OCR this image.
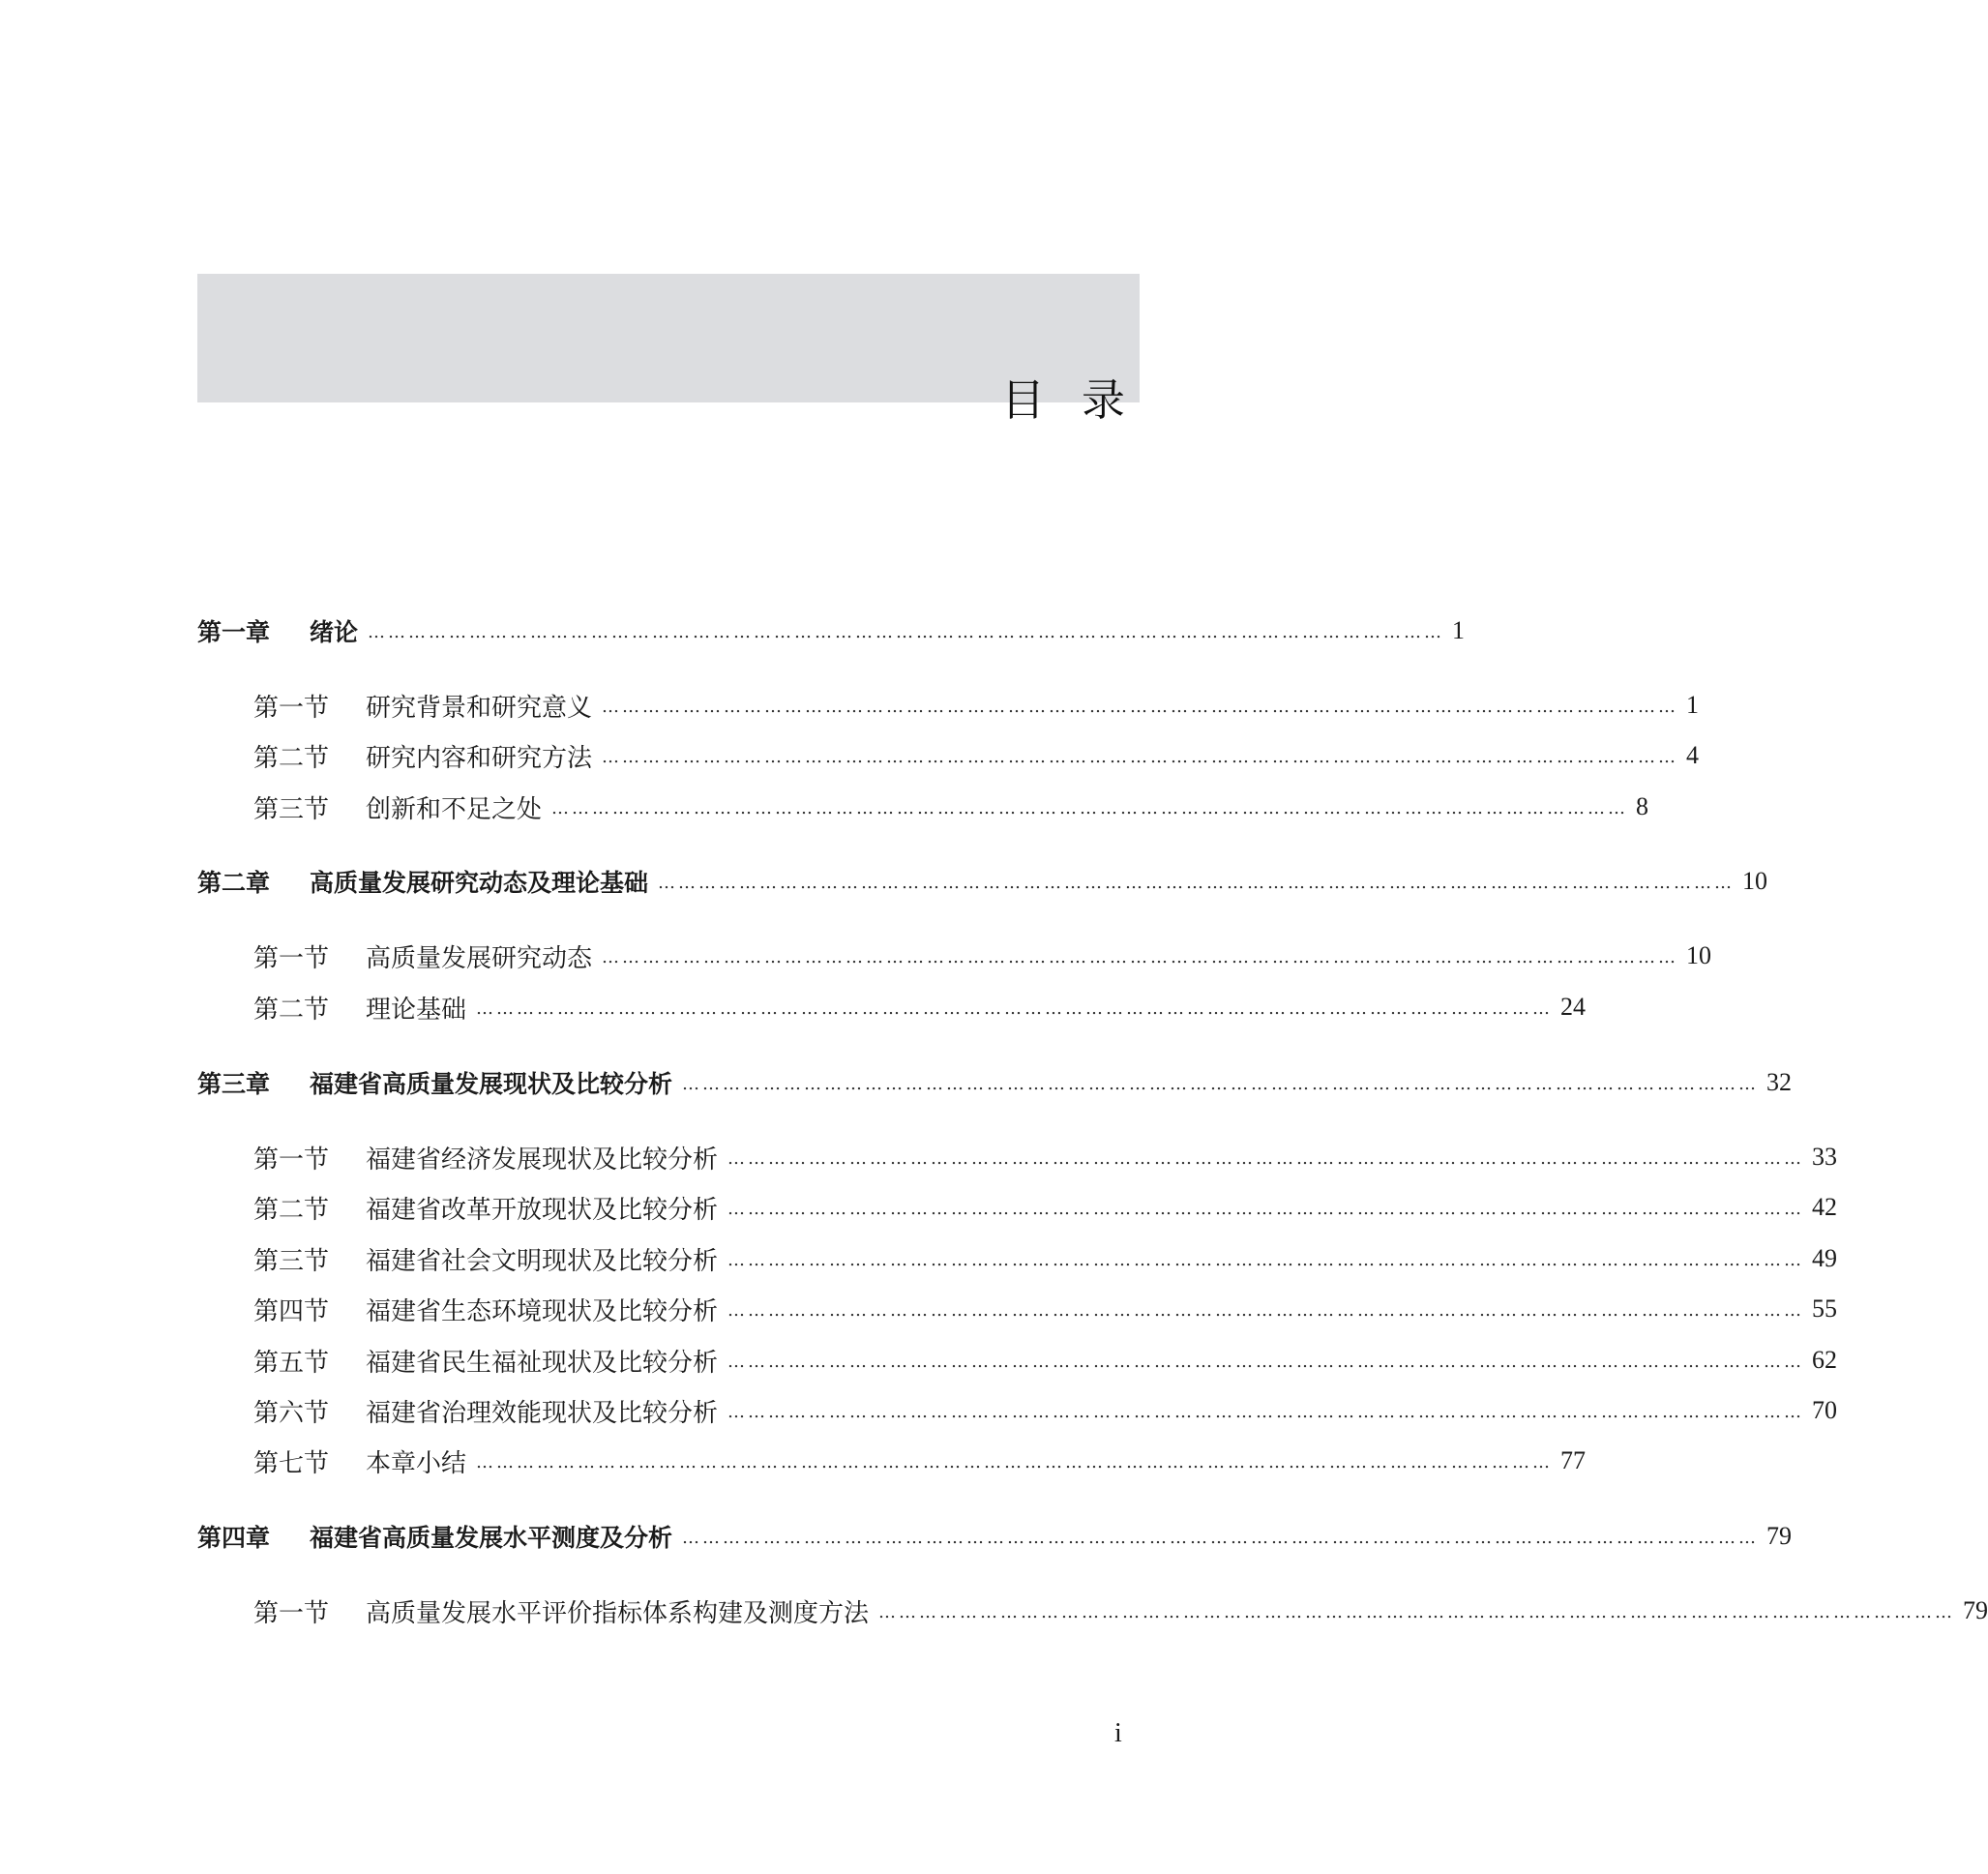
目录
第一章	绪论 …………………………………………………………………………………………………………………………………………… 1
第一节	研究背景和研究意义 …………………………………………………………………………………………………………………………………………… 1
第二节	研究内容和研究方法 …………………………………………………………………………………………………………………………………………… 4
第三节	创新和不足之处 …………………………………………………………………………………………………………………………………………… 8
第二章	高质量发展研究动态及理论基础 …………………………………………………………………………………………………………………………………………… 10
第一节	高质量发展研究动态 …………………………………………………………………………………………………………………………………………… 10
第二节	理论基础 …………………………………………………………………………………………………………………………………………… 24
第三章	福建省高质量发展现状及比较分析 …………………………………………………………………………………………………………………………………………… 32
第一节	福建省经济发展现状及比较分析 …………………………………………………………………………………………………………………………………………… 33
第二节	福建省改革开放现状及比较分析 …………………………………………………………………………………………………………………………………………… 42
第三节	福建省社会文明现状及比较分析 …………………………………………………………………………………………………………………………………………… 49
第四节	福建省生态环境现状及比较分析 …………………………………………………………………………………………………………………………………………… 55
第五节	福建省民生福祉现状及比较分析 …………………………………………………………………………………………………………………………………………… 62
第六节	福建省治理效能现状及比较分析 …………………………………………………………………………………………………………………………………………… 70
第七节	本章小结 …………………………………………………………………………………………………………………………………………… 77
第四章	福建省高质量发展水平测度及分析 …………………………………………………………………………………………………………………………………………… 79
第一节	高质量发展水平评价指标体系构建及测度方法 …………………………………………………………………………………………………………………………………………… 79
i
